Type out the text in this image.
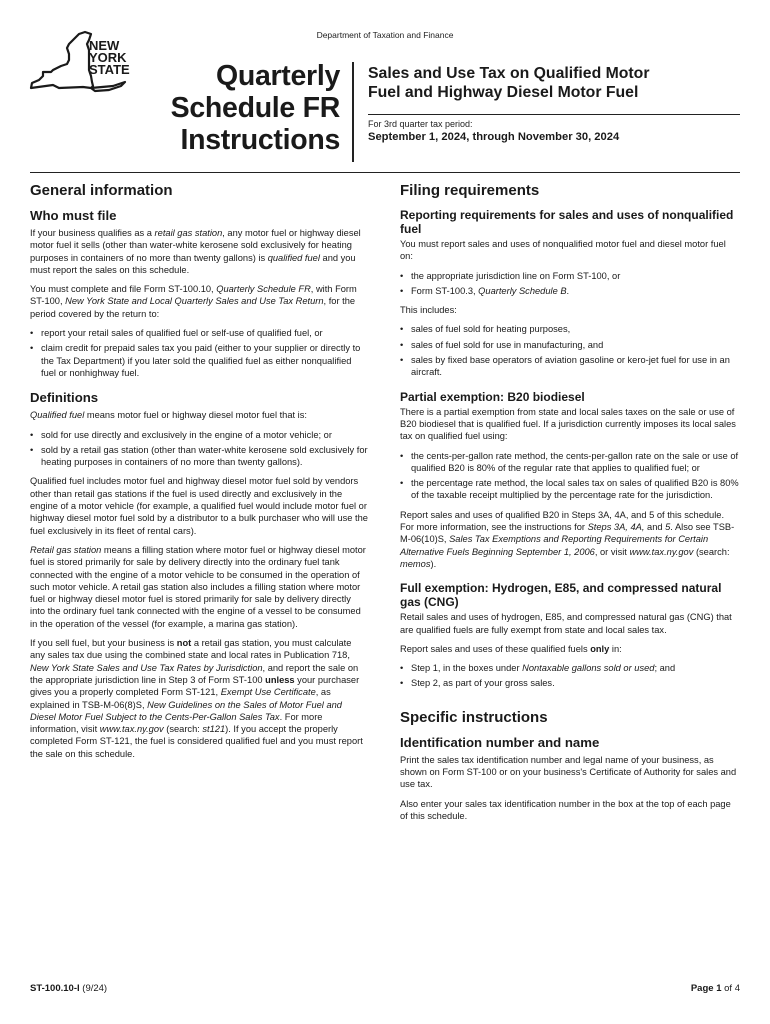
Department of Taxation and Finance
NEW
YORK
STATE	Quarterly
Schedule FR
Instructions
Sales and Use Tax on Qualified Motor
Fuel and Highway Diesel Motor Fuel
For 3rd quarter tax period:
September 1, 2024, through November 30, 2024
General information
Who must file

If your business qualifies as a retail gas station, any motor fuel or highway diesel motor fuel it sells (other than water-white kerosene sold exclusively for heating purposes in containers of no more than twenty gallons) is qualified fuel and you must report the sales on this schedule.

You must complete and file Form ST-100.10, Quarterly Schedule FR, with Form ST-100, New York State and Local Quarterly Sales and Use Tax Return, for the period covered by the return to:

• report your retail sales of qualified fuel or self-use of qualified fuel, or
• claim credit for prepaid sales tax you paid (either to your supplier or directly to the Tax Department) if you later sold the qualified fuel as either nonqualified fuel or nonhighway fuel.
Definitions

Qualified fuel means motor fuel or highway diesel motor fuel that is:

• sold for use directly and exclusively in the engine of a motor vehicle; or
• sold by a retail gas station (other than water-white kerosene sold exclusively for heating purposes in containers of no more than twenty gallons).

Qualified fuel includes motor fuel and highway diesel motor fuel sold by vendors other than retail gas stations if the fuel is used directly and exclusively in the engine of a motor vehicle (for example, a qualified fuel would include motor fuel or highway diesel motor fuel sold by a distributor to a bulk purchaser who will use the fuel exclusively in its fleet of rental cars).

Retail gas station means a filling station where motor fuel or highway diesel motor fuel is stored primarily for sale by delivery directly into the ordinary fuel tank connected with the engine of a motor vehicle to be consumed in the operation of such motor vehicle. A retail gas station also includes a filling station where motor fuel or highway diesel motor fuel is stored primarily for sale by delivery directly into the ordinary fuel tank connected with the engine of a vessel to be consumed in the operation of the vessel (for example, a marina gas station).

If you sell fuel, but your business is not a retail gas station, you must calculate any sales tax due using the combined state and local rates in Publication 718, New York State Sales and Use Tax Rates by Jurisdiction, and report the sale on the appropriate jurisdiction line in Step 3 of Form ST-100 unless your purchaser gives you a properly completed Form ST-121, Exempt Use Certificate, as explained in TSB-M-06(8)S, New Guidelines on the Sales of Motor Fuel and Diesel Motor Fuel Subject to the Cents-Per-Gallon Sales Tax. For more information, visit www.tax.ny.gov (search: st121). If you accept the properly completed Form ST-121, the fuel is considered qualified fuel and you must report the sale on this schedule.

Filing requirements
Reporting requirements for sales and uses of nonqualified fuel

You must report sales and uses of nonqualified motor fuel and diesel motor fuel on:

• the appropriate jurisdiction line on Form ST-100, or
• Form ST-100.3, Quarterly Schedule B.

This includes:

• sales of fuel sold for heating purposes,
• sales of fuel sold for use in manufacturing, and
• sales by fixed base operators of aviation gasoline or kero-jet fuel for use in an aircraft.
Partial exemption: B20 biodiesel

There is a partial exemption from state and local sales taxes on the sale or use of B20 biodiesel that is qualified fuel. If a jurisdiction currently imposes its local sales tax on qualified fuel using:

• the cents-per-gallon rate method, the cents-per-gallon rate on the sale or use of qualified B20 is 80% of the regular rate that applies to qualified fuel; or
• the percentage rate method, the local sales tax on sales of qualified B20 is 80% of the taxable receipt multiplied by the percentage rate for the jurisdiction.

Report sales and uses of qualified B20 in Steps 3A, 4A, and 5 of this schedule. For more information, see the instructions for Steps 3A, 4A, and 5. Also see TSB-M-06(10)S, Sales Tax Exemptions and Reporting Requirements for Certain Alternative Fuels Beginning September 1, 2006, or visit www.tax.ny.gov (search: memos).

Full exemption: Hydrogen, E85, and compressed natural gas (CNG)

Retail sales and uses of hydrogen, E85, and compressed natural gas (CNG) that are qualified fuels are fully exempt from state and local sales tax.

Report sales and uses of these qualified fuels only in:

• Step 1, in the boxes under Nontaxable gallons sold or used; and
• Step 2, as part of your gross sales.
Specific instructions
Identification number and name

Print the sales tax identification number and legal name of your business, as shown on Form ST-100 or on your business's Certificate of Authority for sales and use tax.

Also enter your sales tax identification number in the box at the top of each page of this schedule.

ST-100.10-I (9/24)	Page 1 of 4
